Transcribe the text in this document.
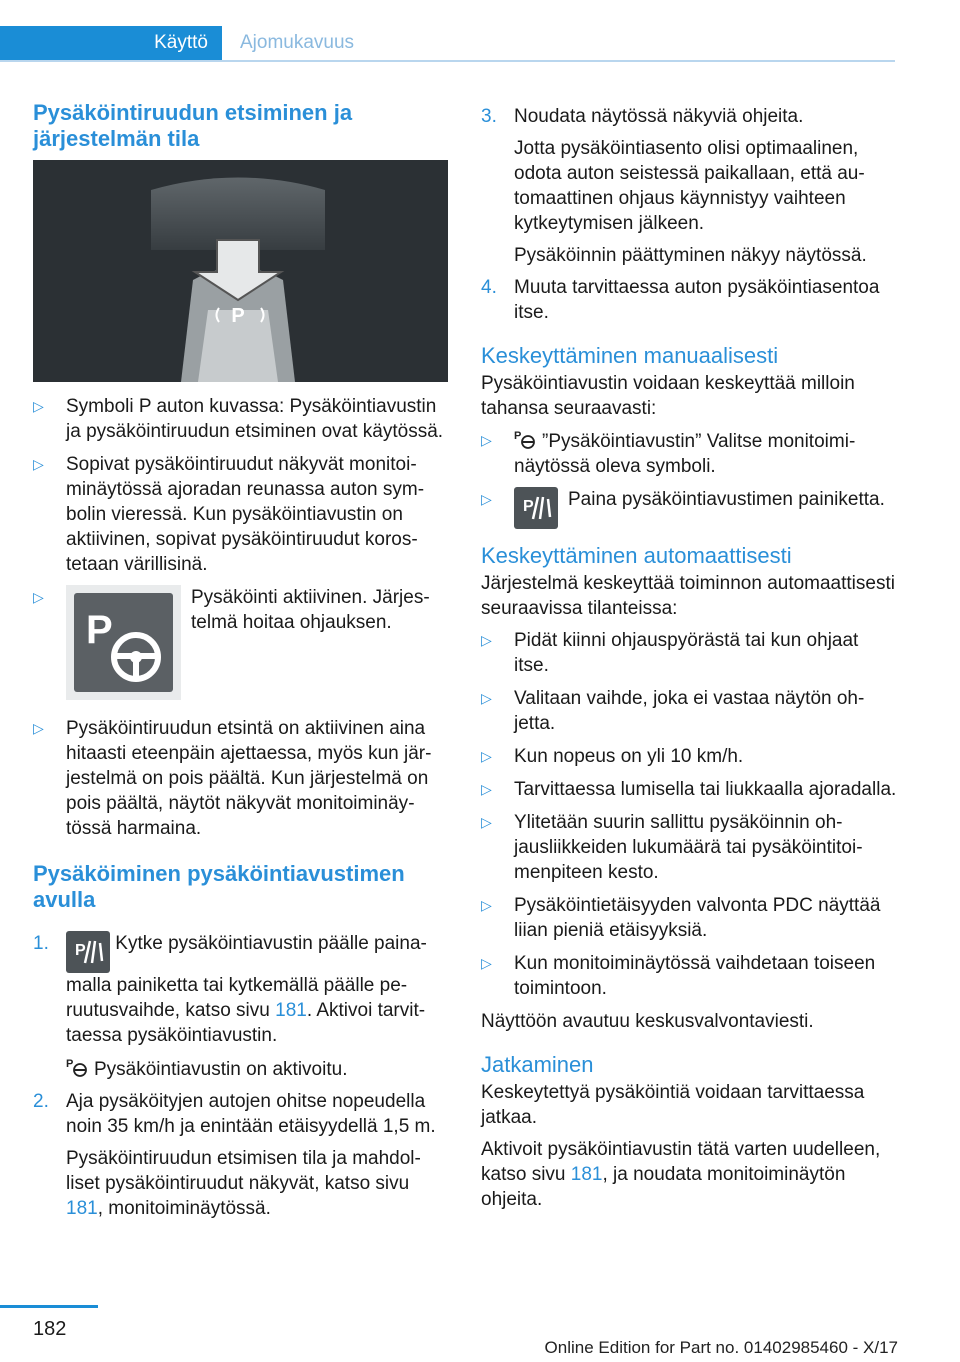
Käyttö	Ajomukavuus
Pysäköintiruudun etsiminen ja järjestelmän tila
P
▷ Symboli P auton kuvassa: Pysäköintiavustin ja pysäköintiruudun etsiminen ovat käytössä.
▷ Sopivat pysäköintiruudut näkyvät monitoiminäytössä ajoradan reunassa auton symbolin vieressä. Kun pysäköintiavustin on aktiivinen, sopivat pysäköintiruudut korostetaan värillisinä.
▷
P
Pysäköinti aktiivinen. Järjestelmä hoitaa ohjauksen.
▷ Pysäköintiruudun etsintä on aktiivinen aina hitaasti eteenpäin ajettaessa, myös kun järjestelmä on pois päältä. Kun järjestelmä on pois päältä, näytöt näkyvät monitoiminäytössä harmaina.
Pysäköiminen pysäköintiavustimen avulla
1. P Kytke pysäköintiavustin päälle painamalla painiketta tai kytkemällä päälle peruutusvaihde, katso sivu 181. Aktivoi tarvittaessa pysäköintiavustin.

P Pysäköintiavustin on aktivoitu.

2. Aja pysäköityjen autojen ohitse nopeudella noin 35 km/h ja enintään etäisyydellä 1,5 m.

Pysäköintiruudun etsimisen tila ja mahdolliset pysäköintiruudut näkyvät, katso sivu 181, monitoiminäytössä.

3. Noudata näytössä näkyviä ohjeita.

Jotta pysäköintiasento olisi optimaalinen, odota auton seistessä paikallaan, että automaattinen ohjaus käynnistyy vaihteen kytkeytymisen jälkeen.

Pysäköinnin päättyminen näkyy näytössä.

4. Muuta tarvittaessa auton pysäköintiasentoa itse.

Keskeyttäminen manuaalisesti

Pysäköintiavustin voidaan keskeyttää milloin tahansa seuraavasti:

▷ P ”Pysäköintiavustin” Valitse monitoiminäytössä oleva symboli.
▷ P Paina pysäköintiavustimen painiketta.
Keskeyttäminen automaattisesti

Järjestelmä keskeyttää toiminnon automaattisesti seuraavissa tilanteissa:

▷ Pidät kiinni ohjauspyörästä tai kun ohjaat itse.
▷ Valitaan vaihde, joka ei vastaa näytön ohjetta.
▷ Kun nopeus on yli 10 km/h.
▷ Tarvittaessa lumisella tai liukkaalla ajoradalla.
▷ Ylitetään suurin sallittu pysäköinnin ohjausliikkeiden lukumäärä tai pysäköintitoimenpiteen kesto.
▷ Pysäköintietäisyyden valvonta PDC näyttää liian pieniä etäisyyksiä.
▷ Kun monitoiminäytössä vaihdetaan toiseen toimintoon.

Näyttöön avautuu keskusvalvontaviesti.

Jatkaminen

Keskeytettyä pysäköintiä voidaan tarvittaessa jatkaa.

Aktivoit pysäköintiavustin tätä varten uudelleen, katso sivu 181, ja noudata monitoiminäytön ohjeita.

182
Online Edition for Part no. 01402985460 - X/17
